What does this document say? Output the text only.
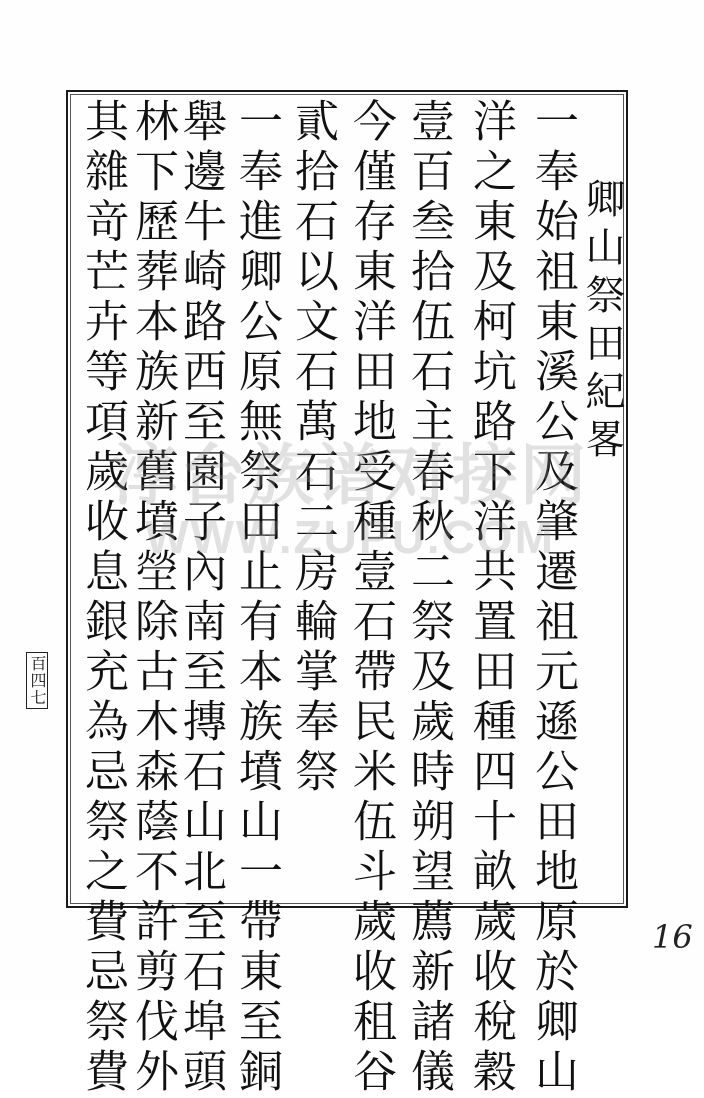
卿山祭田紀畧
一奉始祖東溪公及肇遷祖元遜公田地原於卿山
洋之東及柯坑路下洋共置田種四十畝歲收稅穀
壹百叁拾伍石主春秋二祭及歲時朔望薦新諸儀
今僅存東洋田地受種壹石帶民米伍斗歲收租谷
貳拾石以文石萬石二房輪掌奉祭
一奉進卿公原無祭田止有本族墳山一帶東至銅
舉邊牛崎路西至園子內南至摶石山北至石埠頭
林下歷葬本族新舊墳塋除古木森蔭不許剪伐外
其雜竒芒卉等項歲收息銀充為忌祭之費忌祭費
百四七
16
淳台族谱对接网
WWW.ZUPU.COM
